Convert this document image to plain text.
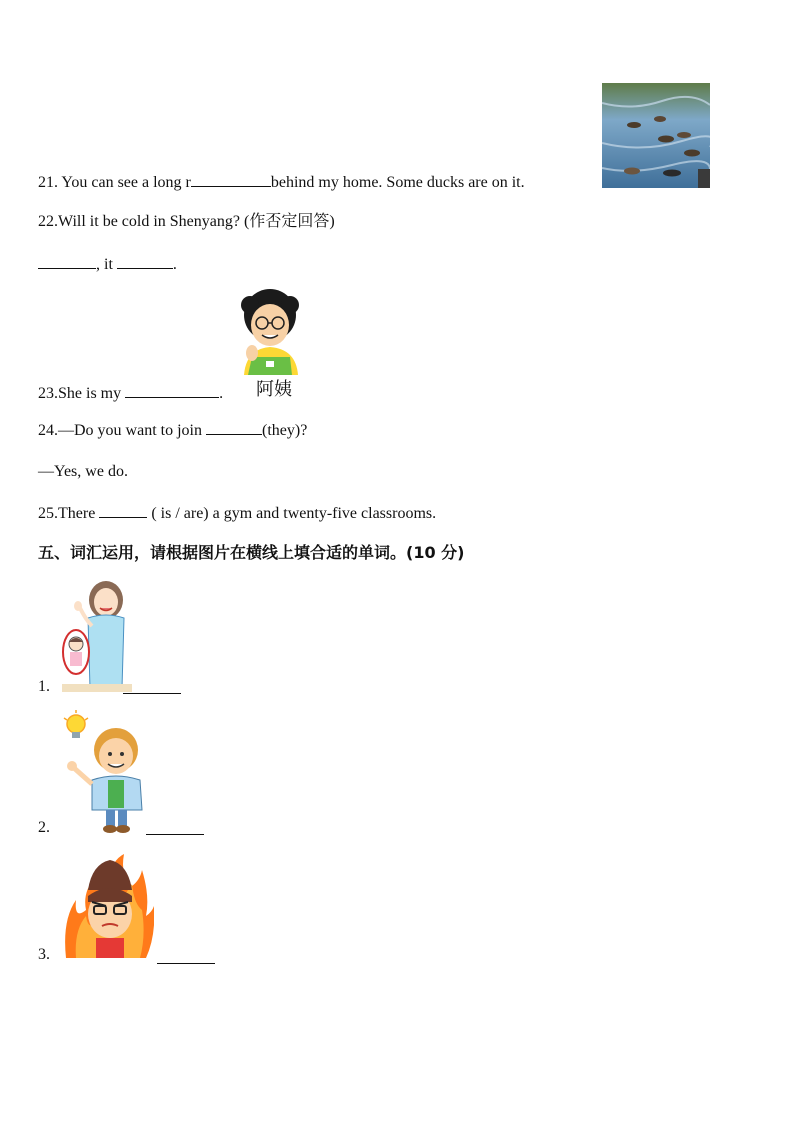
21. You can see a long r	behind my home. Some ducks are on it.
22.Will it be cold in Shenyang? (作否定回答)
, it	.
阿姨
23.She is my	.
24.—Do you want to join	(they)?
—Yes, we do.
25.There	( is / are) a gym and twenty-five classrooms.
五、词汇运用，请根据图片在横线上填合适的单词。(10 分)
1.
2.
3.
